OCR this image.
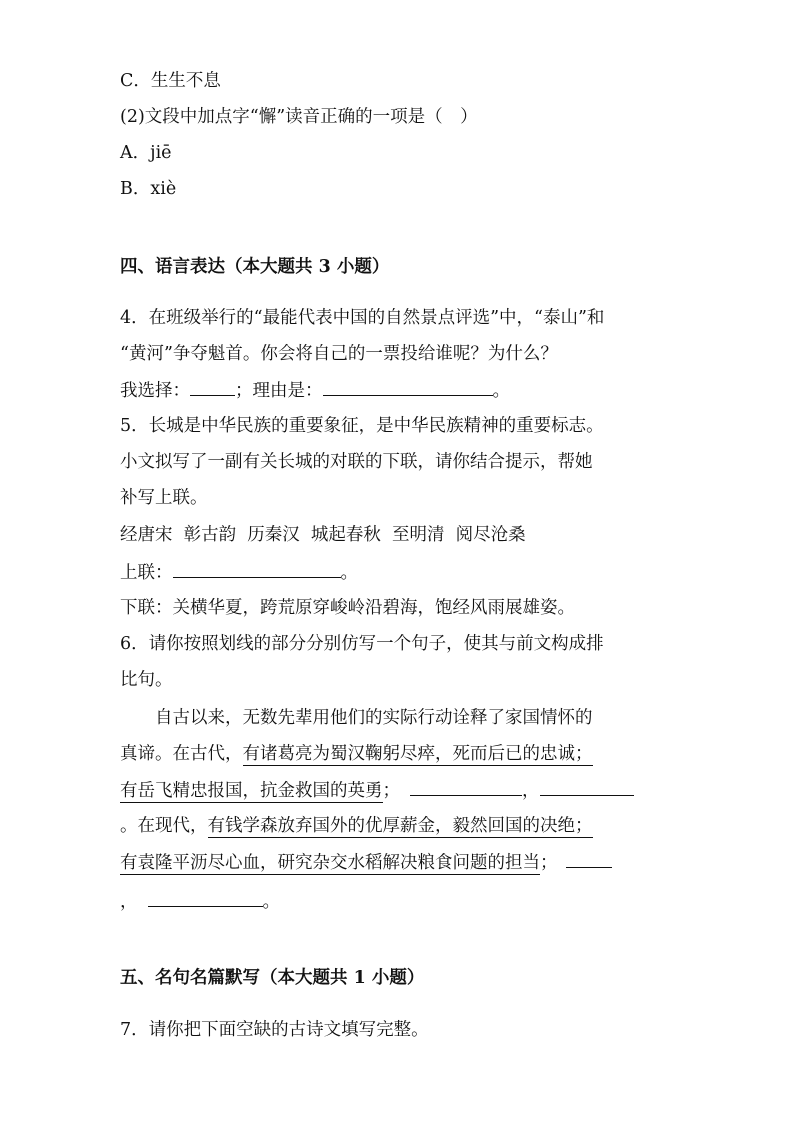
C．生生不息
(2)文段中加点字“懈”读音正确的一项是（　）
A．jiē
B．xiè
四、语言表达（本大题共 3 小题）
4．在班级举行的“最能代表中国的自然景点评选”中，“泰山”和
“黄河”争夺魁首。你会将自己的一票投给谁呢？为什么？
我选择：	；理由是：	。
5．长城是中华民族的重要象征，是中华民族精神的重要标志。
小文拟写了一副有关长城的对联的下联，请你结合提示，帮她
补写上联。
经唐宋  彰古韵  历秦汉  城起春秋  至明清  阅尽沧桑
上联：	。
下联：关横华夏，跨荒原穿峻岭沿碧海，饱经风雨展雄姿。
6．请你按照划线的部分分别仿写一个句子，使其与前文构成排
比句。
自古以来，无数先辈用他们的实际行动诠释了家国情怀的
真谛。在古代，有诸葛亮为蜀汉鞠躬尽瘁，死而后已的忠诚；
有岳飞精忠报国，抗金救国的英勇；	，
。在现代，有钱学森放弃国外的优厚薪金，毅然回国的决绝；
有袁隆平沥尽心血，研究杂交水稻解决粮食问题的担当；
，	。
五、名句名篇默写（本大题共 1 小题）
7．请你把下面空缺的古诗文填写完整。
